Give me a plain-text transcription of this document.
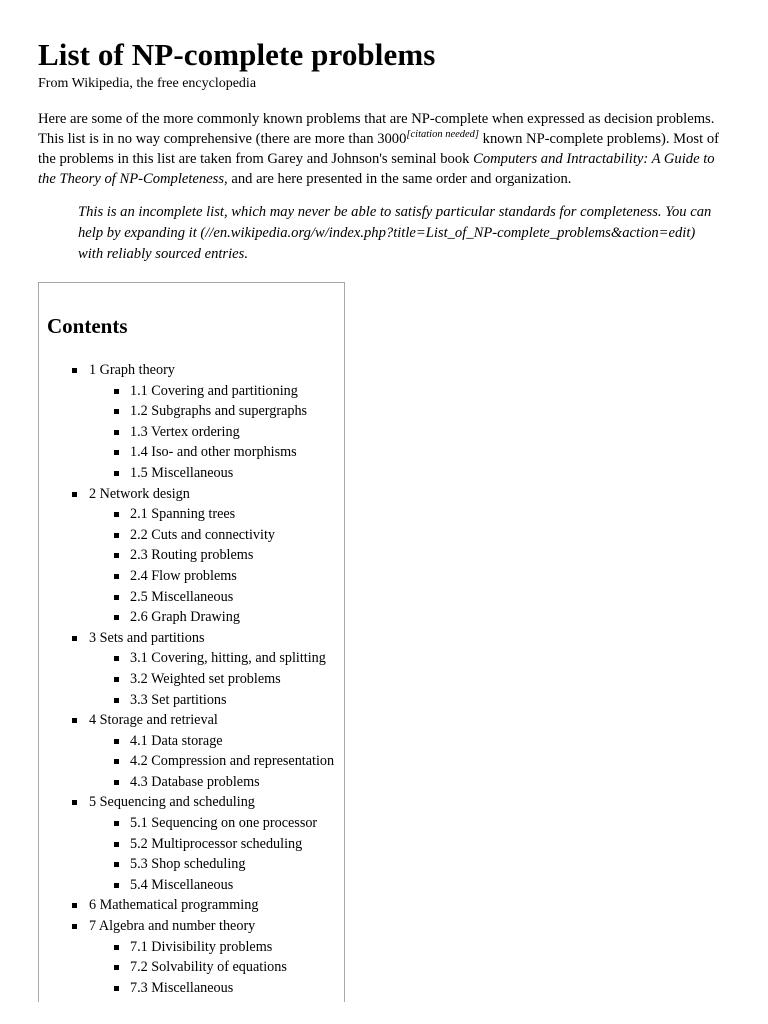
List of NP-complete problems
From Wikipedia, the free encyclopedia

Here are some of the more commonly known problems that are NP-complete when expressed as decision problems. This list is in no way comprehensive (there are more than 3000[citation needed] known NP-complete problems). Most of the problems in this list are taken from Garey and Johnson's seminal book Computers and Intractability: A Guide to the Theory of NP-Completeness, and are here presented in the same order and organization.

This is an incomplete list, which may never be able to satisfy particular standards for completeness. You can help by expanding it (//en.wikipedia.org/w/index.php?title=List_of_NP-complete_problems&action=edit) with reliably sourced entries.
Contents
1 Graph theory
1.1 Covering and partitioning
1.2 Subgraphs and supergraphs
1.3 Vertex ordering
1.4 Iso- and other morphisms
1.5 Miscellaneous
2 Network design
2.1 Spanning trees
2.2 Cuts and connectivity
2.3 Routing problems
2.4 Flow problems
2.5 Miscellaneous
2.6 Graph Drawing
3 Sets and partitions
3.1 Covering, hitting, and splitting
3.2 Weighted set problems
3.3 Set partitions
4 Storage and retrieval
4.1 Data storage
4.2 Compression and representation
4.3 Database problems
5 Sequencing and scheduling
5.1 Sequencing on one processor
5.2 Multiprocessor scheduling
5.3 Shop scheduling
5.4 Miscellaneous
6 Mathematical programming
7 Algebra and number theory
7.1 Divisibility problems
7.2 Solvability of equations
7.3 Miscellaneous
